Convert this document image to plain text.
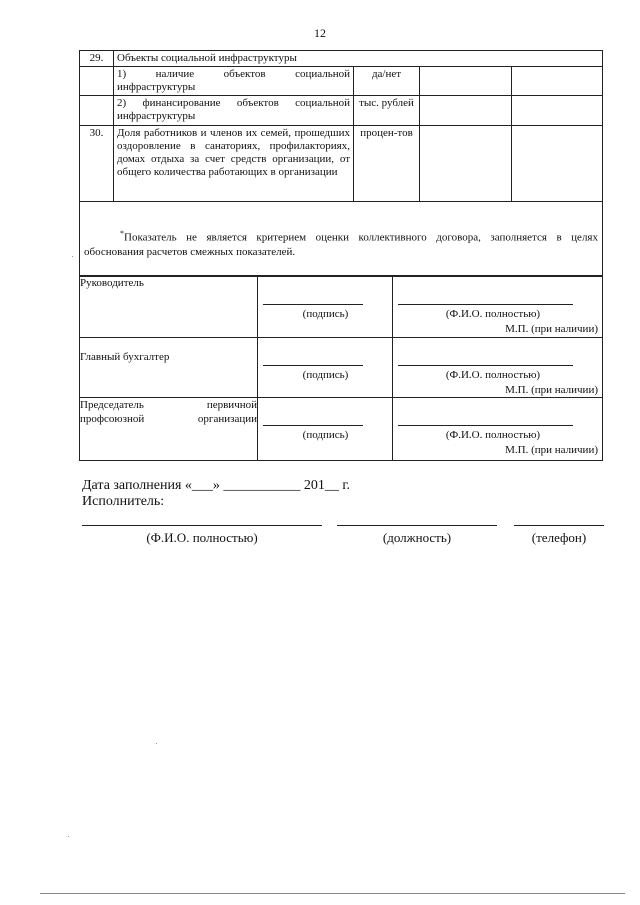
12
29.	Объекты социальной инфраструктуры			
	1) наличие объектов социальной инфраструктуры	да/нет		
	2) финансирование объектов социальной инфраструктуры	тыс. рублей		
30.	Доля работников и членов их семей, прошедших оздоровление в санаториях, профилакториях, домах отдыха за счет средств организации, от общего количества работающих в организации	процен-тов		

*Показатель не является критерием оценки коллективного договора, заполняется в целях обоснования расчетов смежных показателей.				
Руководитель	(подпись)	(Ф.И.О. полностью)
М.П. (при наличии)

Главный бухгалтер	(подпись)	(Ф.И.О. полностью)
М.П. (при наличии)

Председатель первичной профсоюзной организации	(подпись)	(Ф.И.О. полностью)
М.П. (при наличии)
Дата заполнения «___» ___________ 201__ г.
Исполнитель:
(Ф.И.О. полностью)	(должность)	(телефон)
